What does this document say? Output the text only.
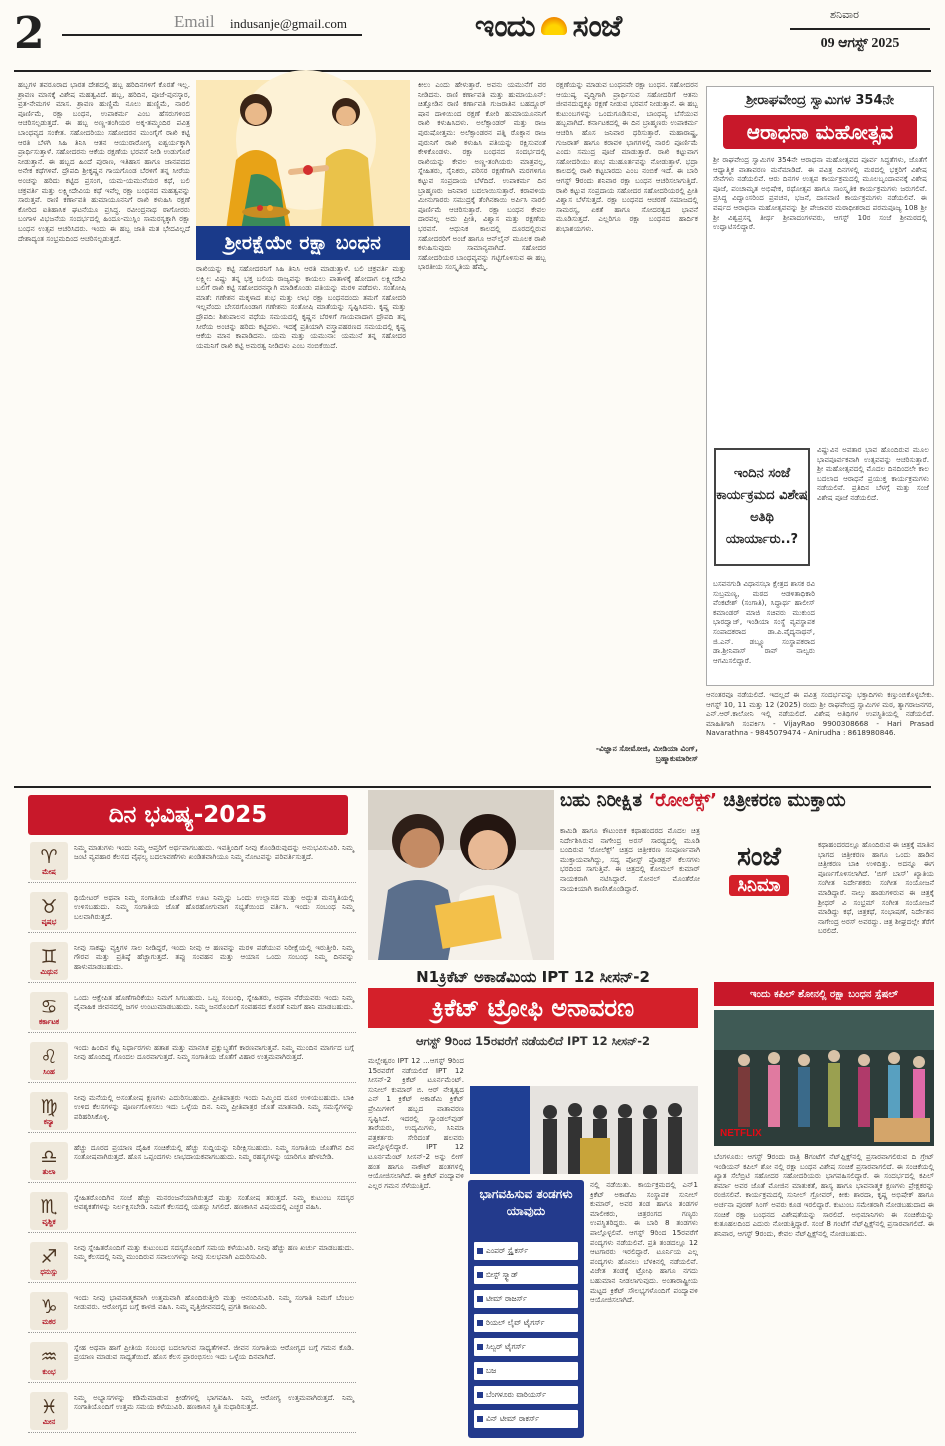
2	Email indusanje@gmail.com	ಇಂದು ಸಂಜೆ	ಶನಿವಾರ
09 ಆಗಸ್ಟ್ 2025
ಹಬ್ಬಗಳ ತವರೂರಾದ ಭಾರತ ದೇಶದಲ್ಲಿ ಹಬ್ಬ ಹರಿದಿನಗಳಿಗೆ ಕೊರತೆ ಇಲ್ಲ. ಶ್ರಾವಣ ಮಾಸಕ್ಕೆ ವಿಶೇಷ ಮಹತ್ವವಿದೆ. ಹಬ್ಬ, ಹರಿದಿನ, ಪೂಜೆ-ಪುನಸ್ಕಾರ, ವ್ರತ-ನೇಮಗಳ ಮಾಸ. ಶ್ರಾವಣ ಹುಣ್ಣಿಮೆ ನೂಲು ಹುಣ್ಣಿಮೆ, ನಾರಲಿ ಪೂರ್ಣಿಮೆ, ರಕ್ಷಾ ಬಂಧನ, ಉಪಾಕರ್ಮ ಎಂಬ ಹೆಸರುಗಳಿಂದ ಆಚರಿಸಲ್ಪಡುತ್ತದೆ. ಈ ಹಬ್ಬ ಅಣ್ಣ-ತಂಗಿಯರ ಅಕ್ಕ-ತಮ್ಮಂದಿರ ಪವಿತ್ರ ಬಾಂಧವ್ಯದ ಸಂಕೇತ. ಸಹೋದರಿಯು ಸಹೋದರನ ಮುಂಗೈಗೆ ರಾಖಿ ಕಟ್ಟಿ ಆರತಿ ಬೆಳಗಿ ಸಿಹಿ ತಿನಿಸಿ ಆತನ ಆಯುರಾರೋಗ್ಯ ಐಶ್ವರ್ಯಕ್ಕಾಗಿ ಪ್ರಾರ್ಥಿಸುತ್ತಾಳೆ. ಸಹೋದರನು ಆಕೆಯ ರಕ್ಷಣೆಯ ಭರವಸೆ ನೀಡಿ ಉಡುಗೊರೆ ನೀಡುತ್ತಾನೆ. ಈ ಹಬ್ಬದ ಹಿಂದೆ ಪುರಾಣ, ಇತಿಹಾಸ ಹಾಗೂ ಜಾನಪದದ ಅನೇಕ ಕಥೆಗಳಿವೆ. ದ್ರೌಪದಿ ಶ್ರೀಕೃಷ್ಣನ ಗಾಯಗೊಂಡ ಬೆರಳಿಗೆ ತನ್ನ ಸೀರೆಯ ಅಂಚನ್ನು ಹರಿದು ಕಟ್ಟಿದ ಪ್ರಸಂಗ, ಯಮ-ಯಮುನೆಯರ ಕಥೆ, ಬಲಿ ಚಕ್ರವರ್ತಿ ಮತ್ತು ಲಕ್ಷ್ಮೀದೇವಿಯ ಕಥೆ ಇವೆಲ್ಲ ರಕ್ಷಾ ಬಂಧನದ ಮಹತ್ವವನ್ನು ಸಾರುತ್ತವೆ. ರಾಣಿ ಕರ್ಣಾವತಿ ಹುಮಾಯೂನನಿಗೆ ರಾಖಿ ಕಳುಹಿಸಿ ರಕ್ಷಣೆ ಕೋರಿದ ಐತಿಹಾಸಿಕ ಘಟನೆಯೂ ಪ್ರಸಿದ್ಧ. ರವೀಂದ್ರನಾಥ ಠಾಗೋರರು ಬಂಗಾಳ ವಿಭಜನೆಯ ಸಂದರ್ಭದಲ್ಲಿ ಹಿಂದೂ-ಮುಸ್ಲಿಂ ಸಾಮರಸ್ಯಕ್ಕಾಗಿ ರಕ್ಷಾ ಬಂಧನ ಉತ್ಸವ ಆಚರಿಸಿದರು. ಇಂದು ಈ ಹಬ್ಬ ಜಾತಿ ಮತ ಭೇದವಿಲ್ಲದೆ ದೇಶಾದ್ಯಂತ ಸಂಭ್ರಮದಿಂದ ಆಚರಿಸಲ್ಪಡುತ್ತದೆ.	ಶ್ರೀರಕ್ಷೆಯೇ ರಕ್ಷಾ ಬಂಧನ
ರಾಖಿಯನ್ನು ಕಟ್ಟಿ ಸಹೋದರನಿಗೆ ಸಿಹಿ ತಿನಿಸಿ ಆರತಿ ಮಾಡುತ್ತಾಳೆ. ಬಲಿ ಚಕ್ರವರ್ತಿ ಮತ್ತು ಲಕ್ಷ್ಮೀ: ವಿಷ್ಣು ತನ್ನ ಭಕ್ತ ಬಲಿಯ ರಾಜ್ಯವನ್ನು ಕಾಯಲು ಪಾತಾಳಕ್ಕೆ ಹೋದಾಗ ಲಕ್ಷ್ಮೀದೇವಿ ಬಲಿಗೆ ರಾಖಿ ಕಟ್ಟಿ ಸಹೋದರನನ್ನಾಗಿ ಮಾಡಿಕೊಂಡು ಪತಿಯನ್ನು ಮರಳಿ ಪಡೆದಳು. ಸಂತೋಷಿ ಮಾತೆ: ಗಣೇಶನ ಮಕ್ಕಳಾದ ಶುಭ ಮತ್ತು ಲಾಭ ರಕ್ಷಾ ಬಂಧನದಂದು ತಮಗೆ ಸಹೋದರಿ ಇಲ್ಲವೆಂದು ಬೇಸರಗೊಂಡಾಗ ಗಣೇಶನು ಸಂತೋಷಿ ಮಾತೆಯನ್ನು ಸೃಷ್ಟಿಸಿದನು. ಕೃಷ್ಣ ಮತ್ತು ದ್ರೌಪದಿ: ಶಿಶುಪಾಲನ ವಧೆಯ ಸಮಯದಲ್ಲಿ ಕೃಷ್ಣನ ಬೆರಳಿಗೆ ಗಾಯವಾದಾಗ ದ್ರೌಪದಿ ತನ್ನ ಸೀರೆಯ ಅಂಚನ್ನು ಹರಿದು ಕಟ್ಟಿದಳು. ಇದಕ್ಕೆ ಪ್ರತಿಯಾಗಿ ವಸ್ತ್ರಾಪಹರಣದ ಸಮಯದಲ್ಲಿ ಕೃಷ್ಣ ಆಕೆಯ ಮಾನ ಕಾಪಾಡಿದನು. ಯಮ ಮತ್ತು ಯಮುನಾ: ಯಮುನೆ ತನ್ನ ಸಹೋದರ ಯಮನಿಗೆ ರಾಖಿ ಕಟ್ಟಿ ಅಮರತ್ವ ನೀಡಿದಳು ಎಂಬ ನಂಬಿಕೆಯಿದೆ.
ಕೀಲು ಎಂದು ಹೇಳುತ್ತಾರೆ. ಅವನು ಯಮುನೆಗೆ ವರ ನೀಡಿದನು. ರಾಣಿ ಕರ್ಣಾವತಿ ಮತ್ತು ಹುಮಾಯೂನ್: ಚಿತ್ತೋಡಿನ ರಾಣಿ ಕರ್ಣಾವತಿ ಗುಜರಾತಿನ ಬಹದ್ದೂರ್ ಷಾನ ದಾಳಿಯಿಂದ ರಕ್ಷಣೆ ಕೋರಿ ಹುಮಾಯೂನನಿಗೆ ರಾಖಿ ಕಳುಹಿಸಿದಳು. ಅಲೆಕ್ಸಾಂಡರ್ ಮತ್ತು ರಾಜ ಪುರುಷೋತ್ತಮ: ಅಲೆಕ್ಸಾಂಡರನ ಪತ್ನಿ ರೊಕ್ಸಾನ ರಾಜ ಪುರುನಿಗೆ ರಾಖಿ ಕಳುಹಿಸಿ ಪತಿಯನ್ನು ರಕ್ಷಿಸುವಂತೆ ಕೇಳಿಕೊಂಡಳು. ರಕ್ಷಾ ಬಂಧನದ ಸಂದರ್ಭದಲ್ಲಿ ರಾಖಿಯನ್ನು ಕೇವಲ ಅಣ್ಣ-ತಂಗಿಯರು ಮಾತ್ರವಲ್ಲ, ಸ್ನೇಹಿತರು, ಸೈನಿಕರು, ಪರಿಸರ ರಕ್ಷಣೆಗಾಗಿ ಮರಗಳಿಗೂ ಕಟ್ಟುವ ಸಂಪ್ರದಾಯ ಬೆಳೆದಿದೆ. ಉಪಾಕರ್ಮ ದಿನ ಬ್ರಾಹ್ಮಣರು ಜನಿವಾರ ಬದಲಾಯಿಸುತ್ತಾರೆ. ಕರಾವಳಿಯ ಮೀನುಗಾರರು ಸಮುದ್ರಕ್ಕೆ ತೆಂಗಿನಕಾಯಿ ಅರ್ಪಿಸಿ ನಾರಲಿ ಪೂರ್ಣಿಮೆ ಆಚರಿಸುತ್ತಾರೆ. ರಕ್ಷಾ ಬಂಧನ ಕೇವಲ ದಾರವಲ್ಲ ಅದು ಪ್ರೀತಿ, ವಿಶ್ವಾಸ ಮತ್ತು ರಕ್ಷಣೆಯ ಭರವಸೆ. ಆಧುನಿಕ ಕಾಲದಲ್ಲಿ ದೂರದಲ್ಲಿರುವ ಸಹೋದರರಿಗೆ ಅಂಚೆ ಹಾಗೂ ಆನ್‌ಲೈನ್ ಮೂಲಕ ರಾಖಿ ಕಳುಹಿಸುವುದು ಸಾಮಾನ್ಯವಾಗಿದೆ. ಸಹೋದರ ಸಹೋದರಿಯರ ಬಾಂಧವ್ಯವನ್ನು ಗಟ್ಟಿಗೊಳಿಸುವ ಈ ಹಬ್ಬ ಭಾರತೀಯ ಸಂಸ್ಕೃತಿಯ ಹೆಮ್ಮೆ.
ರಕ್ಷಣೆಯನ್ನು ಮಾಡುವ ಬಂಧನವೇ ರಕ್ಷಾ ಬಂಧನ. ಸಹೋದರನ ಆಯುಷ್ಯ ವೃದ್ಧಿಗಾಗಿ ಪ್ರಾರ್ಥಿಸುವ ಸಹೋದರಿಗೆ ಆತನು ಜೀವನದುದ್ದಕ್ಕೂ ರಕ್ಷಣೆ ನೀಡುವ ಭರವಸೆ ನೀಡುತ್ತಾನೆ. ಈ ಹಬ್ಬ ಕುಟುಂಬಗಳನ್ನು ಒಂದುಗೂಡಿಸುವ, ಬಾಂಧವ್ಯ ಬೆಸೆಯುವ ಹಬ್ಬವಾಗಿದೆ. ಕರ್ನಾಟಕದಲ್ಲಿ ಈ ದಿನ ಬ್ರಾಹ್ಮಣರು ಉಪಾಕರ್ಮ ಆಚರಿಸಿ ಹೊಸ ಜನಿವಾರ ಧರಿಸುತ್ತಾರೆ. ಮಹಾರಾಷ್ಟ್ರ, ಗುಜರಾತ್ ಹಾಗೂ ಕರಾವಳಿ ಭಾಗಗಳಲ್ಲಿ ನಾರಲಿ ಪೂರ್ಣಿಮೆ ಎಂದು ಸಮುದ್ರ ಪೂಜೆ ಮಾಡುತ್ತಾರೆ. ರಾಖಿ ಕಟ್ಟುವಾಗ ಸಹೋದರಿಯು ಶುಭ ಮುಹೂರ್ತವನ್ನು ನೋಡುತ್ತಾಳೆ. ಭದ್ರಾ ಕಾಲದಲ್ಲಿ ರಾಖಿ ಕಟ್ಟಬಾರದು ಎಂಬ ನಂಬಿಕೆ ಇದೆ. ಈ ಬಾರಿ ಆಗಸ್ಟ್ 9ರಂದು ಶನಿವಾರ ರಕ್ಷಾ ಬಂಧನ ಆಚರಿಸಲಾಗುತ್ತಿದೆ. ರಾಖಿ ಕಟ್ಟುವ ಸಂಪ್ರದಾಯ ಸಹೋದರ ಸಹೋದರಿಯರಲ್ಲಿ ಪ್ರೀತಿ ವಿಶ್ವಾಸ ಬೆಳೆಸುತ್ತದೆ. ರಕ್ಷಾ ಬಂಧನದ ಆಚರಣೆ ಸಮಾಜದಲ್ಲಿ ಸಾಮರಸ್ಯ, ಏಕತೆ ಹಾಗೂ ಸೋದರತ್ವದ ಭಾವನೆ ಮೂಡಿಸುತ್ತದೆ. ಎಲ್ಲರಿಗೂ ರಕ್ಷಾ ಬಂಧನದ ಹಾರ್ದಿಕ ಶುಭಾಶಯಗಳು.
-ವಿಜ್ಞಾನ ಸೋಮೋಜಿ, ಮೀಡಿಯಾ ವಿಂಗ್, ಬ್ರಹ್ಮಾಕುಮಾರೀಸ್
ಶ್ರೀರಾಘವೇಂದ್ರ ಸ್ವಾಮಿಗಳ 354ನೇ
ಆರಾಧನಾ ಮಹೋತ್ಸವ
ಶ್ರೀ ರಾಘವೇಂದ್ರ ಸ್ವಾಮಿಗಳ 354ನೇ ಆರಾಧನಾ ಮಹೋತ್ಸವದ ಪೂರ್ವ ಸಿದ್ಧತೆಗಳು, ಜೊತೆಗೆ ಆಧ್ಯಾತ್ಮಿಕ ವಾತಾವರಣ ಮನೆಮಾಡಿದೆ. ಈ ಪವಿತ್ರ ದಿನಗಳಲ್ಲಿ ಮಠದಲ್ಲಿ ಭಕ್ತರಿಗೆ ವಿಶೇಷ ಸೇವೆಗಳು ನಡೆಯಲಿವೆ. ಆರು ದಿನಗಳ ಉತ್ಸವ ಕಾರ್ಯಕ್ರಮದಲ್ಲಿ ಮೂಲಬೃಂದಾವನಕ್ಕೆ ವಿಶೇಷ ಪೂಜೆ, ಪಂಚಾಮೃತ ಅಭಿಷೇಕ, ರಥೋತ್ಸವ ಹಾಗೂ ಸಾಂಸ್ಕೃತಿಕ ಕಾರ್ಯಕ್ರಮಗಳು ಜರುಗಲಿವೆ. ಪ್ರಸಿದ್ಧ ವಿದ್ವಾಂಸರಿಂದ ಪ್ರವಚನ, ಭಜನೆ, ದಾಸವಾಣಿ ಕಾರ್ಯಕ್ರಮಗಳು ನಡೆಯಲಿವೆ. ಈ ವರ್ಷದ ಆರಾಧನಾ ಮಹೋತ್ಸವವನ್ನು ಶ್ರೀ ಪೇಜಾವರ ಮಠಾಧೀಶರಾದ ಪರಮಪೂಜ್ಯ 108 ಶ್ರೀ ಶ್ರೀ ವಿಶ್ವಪ್ರಸನ್ನ ತೀರ್ಥ ಶ್ರೀಪಾದಂಗಳವರು, ಆಗಸ್ಟ್ 10ರ ಸಂಜೆ ಶ್ರೀಮಠದಲ್ಲಿ ಉದ್ಘಾಟಿಸಲಿದ್ದಾರೆ.
ವಿಷ್ಣುವಿನ ಅವತಾರ ಭಾವ ಹೊಂದಿರುವ ಮೂಲ ಭಾವಪೂರ್ವಕವಾಗಿ ಉತ್ಸವವನ್ನು ಆಚರಿಸುತ್ತಾರೆ. ಶ್ರೀ ಮಹೋತ್ಸವದಲ್ಲಿ ಮೊದಲ ದಿನದಿಂದಲೇ ಕಾಲ ಬದಲಾದ ಆರಾಧನೆ ಪ್ರಯುಕ್ತ ಕಾರ್ಯಕ್ರಮಗಳು ನಡೆಯಲಿವೆ. ಪ್ರತಿದಿನ ಬೆಳಗ್ಗೆ ಮತ್ತು ಸಂಜೆ ವಿಶೇಷ ಪೂಜೆ ನಡೆಯಲಿದೆ.
ಬಸವನಗುಡಿ ವಿಧಾನಸಭಾ ಕ್ಷೇತ್ರದ ಶಾಸಕ ರವಿ ಸುಬ್ರಮಣ್ಯ, ಮಠದ ಆಡಳಿತಾಧಿಕಾರಿ ವೆಂಕಟೇಶ್ (ಸಂಗಾತಿ), ಸಿದ್ಧಾರ್ಥ ಹಾಲೀಸ್ ಕಮಾಂಡರ್ ಮಾಜಿ ಸಚಿವರು ಮುಕುಂದ ಭಾರದ್ವಾಜ್, ಇಂಡಿಯಾ ಸಂಸ್ಥೆ ವ್ಯವಸ್ಥಾಪಕ ಸಂಪಾದಕರಾದ ಡಾ.ಪಿ.ವೈದ್ಯನಾಥನ್, ಜಿ.ಎನ್. ಡಬ್ಲ್ಯೂ ಸಂಸ್ಥಾಪಕರಾದ ಡಾ.ಶ್ರೀನಿವಾಸ್ ರಾವ್ ನಾಲ್ವರು ಆಗಮಿಸಲಿದ್ದಾರೆ.
ಇಂದಿನ ಸಂಜೆ ಕಾರ್ಯಕ್ರಮದ ವಿಶೇಷ ಅತಿಥಿ ಯಾರ್ಯಾರು..?
ಆನಂತರವೂ ನಡೆಯಲಿದೆ. ಇದಲ್ಲದೆ ಈ ಪವಿತ್ರ ಸಂದರ್ಭವನ್ನು ಭಕ್ತಾದಿಗಳು ಕಣ್ತುಂಬಿಕೊಳ್ಳಬೇಕು. ಆಗಸ್ಟ್ 10, 11 ಮತ್ತು 12 (2025) ರಂದು ಶ್ರೀ ರಾಘವೇಂದ್ರ ಸ್ವಾಮಿಗಳ ಮಠ, ತ್ಯಾಗರಾಜನಗರ, ಎನ್.ಆರ್.ಕಾಲೋನಿ ಇಲ್ಲಿ ನಡೆಯಲಿದೆ. ವಿಶೇಷ ಅತಿಥಿಗಳ ಉಪಸ್ಥಿತಿಯಲ್ಲಿ ನಡೆಯಲಿದೆ. ಮಾಹಿತಿಗಾಗಿ ಸಂಪರ್ಕಿಸಿ - VijayRao 9900308668 - Hari Prasad Navarathna - 9845079474 - Anirudha : 8618980846.
ದಿನ ಭವಿಷ್ಯ-2025
♈
ಮೇಷ
ನಿಮ್ಮ ಮಾತುಗಳು ಇಂದು ನಿಮ್ಮ ಆಪ್ತರಿಗೆ ಅರ್ಥವಾಗಬಹುದು. ಇವತ್ತಿಂದಿಗೆ ನೀವು ಕೊಂಡಿರುವುದನ್ನು ಅನುಭವಿಸುವಿರಿ. ನಿಮ್ಮ ಜಂಟಿ ವ್ಯವಹಾರ ಕೆಲಸದ ವೈಫಲ್ಯ ಬದಲಾವಣೆಗಳು ಖಂಡಿತವಾಗಿಯೂ ನಿಮ್ಮ ನೋಟವನ್ನು ಪರಿವರ್ತಿಸುತ್ತದೆ.
♉
ವೃಷಭ
ಥಿಯೇಟರ್ ಅಥವಾ ನಿಮ್ಮ ಸಂಗಾತಿಯ ಜೊತೆಗಿನ ಊಟ ನಿಮ್ಮನ್ನು ಒಂದು ಉಲ್ಲಾಸದ ಮತ್ತು ಅದ್ಭುತ ಮನಸ್ಥಿತಿಯಲ್ಲಿ ಉಳಿಸಬಹುದು. ನಿಮ್ಮ ಸಂಗಾತಿಯ ಜೊತೆ ಹೊರಹೋಗುವಾಗ ಸಭ್ಯತೆಯಿಂದ ವರ್ತಿಸಿ. ಇಂದು ಸಂಬಂಧ ನಿಮ್ಮ ಬಲವಾಗಿರುತ್ತದೆ.
♊
ಮಿಥುನ
ನೀವು ಸಾಕಷ್ಟು ವ್ಯಕ್ತಿಗಳ ಸಾಲ ನೀಡಿದ್ದರೆ, ಇಂದು ನೀವು ಆ ಹಣವನ್ನು ಮರಳಿ ಪಡೆಯುವ ನಿರೀಕ್ಷೆಯಲ್ಲಿ ಇರುತ್ತೀರಿ. ನಿಮ್ಮ ಗೌರವ ಮತ್ತು ಪ್ರತಿಷ್ಠೆ ಹೆಚ್ಚಾಗುತ್ತದೆ. ತಪ್ಪು ಸಂವಹನ ಮತ್ತು ಆಯಾಸ ಒಂದು ಸಂಬಂಧ ನಿಮ್ಮ ದಿನವನ್ನು ಹಾಳುಮಾಡಬಹುದು.
♋
ಕರ್ಕಾಟಕ
ಒಂದು ಆಕ್ಷೇಪಿತ ಹೊಣೆಗಾರಿಕೆಯು ನಿಮಗೆ ಸಿಗಬಹುದು. ಒಬ್ಬ ಸಂಬಂಧಿ, ಸ್ನೇಹಿತರು, ಅಥವಾ ನೆರೆಯವರು ಇಂದು ನಿಮ್ಮ ವೈವಾಹಿಕ ಜೀವನದಲ್ಲಿ ಜಗಳ ಉಂಟುಮಾಡಬಹುದು. ನಿಮ್ಮ ಜನರೊಂದಿಗೆ ಸಂವಹನದ ಕೊರತೆ ನಿಮಗೆ ಹಾನಿ ಮಾಡಬಹುದು.
♌
ಸಿಂಹ
ಇಂದು ಹಿಂದಿನ ಕೆಟ್ಟ ನಿರ್ಧಾರಗಳು ಹತಾಶ ಮತ್ತು ಮಾನಸಿಕ ಪ್ರಕ್ಷುಬ್ಧತೆಗೆ ಕಾರಣವಾಗುತ್ತವೆ. ನಿಮ್ಮ ಮುಂದಿನ ಮಾರ್ಗದ ಬಗ್ಗೆ ನೀವು ಹೊಂದಿದ್ದ ಗೊಂದಲ ದೂರವಾಗುತ್ತದೆ. ನಿಮ್ಮ ಸಂಗಾತಿಯ ಜೊತೆಗೆ ವಿಹಾರ ಉತ್ತಮವಾಗಿರುತ್ತದೆ.
♍
ಕನ್ಯಾ
ನೀವು ಮನೆಯಲ್ಲಿ ಅಸಂತೋಷ ಕ್ಷಣಗಳು ಎದುರಿಸಬಹುದು. ಪ್ರೀತಿಪಾತ್ರರು ಇಂದು ನಿಮ್ಮಿಂದ ದೂರ ಉಳಿಯಬಹುದು. ಬಾಕಿ ಉಳಿದ ಕೆಲಸಗಳನ್ನು ಪೂರ್ಣಗೊಳಿಸಲು ಇದು ಒಳ್ಳೆಯ ದಿನ. ನಿಮ್ಮ ಪ್ರೀತಿಪಾತ್ರರ ಜೊತೆ ಮಾತನಾಡಿ. ನಿಮ್ಮ ಸಮಸ್ಯೆಗಳನ್ನು ಪರಿಹರಿಸಿಕೊಳ್ಳಿ.
♎
ತುಲಾ
ಹೆಚ್ಚು ದೂರದ ಪ್ರಯಾಣ ದೈಹಿಕ ಸಂಚಿಕೆಯಲ್ಲಿ ಹೆಚ್ಚು ಸುದ್ದಿಯನ್ನು ನಿರೀಕ್ಷಿಸಬಹುದು. ನಿಮ್ಮ ಸಂಗಾತಿಯ ಜೊತೆಗಿನ ದಿನ ಸಂತೋಷವಾಗಿರುತ್ತದೆ. ಹೊಸ ಒಪ್ಪಂದಗಳು ಲಾಭದಾಯಕವಾಗಬಹುದು. ನಿಮ್ಮ ರಹಸ್ಯಗಳನ್ನು ಯಾರಿಗೂ ಹೇಳಬೇಡಿ.
♏
ವೃಶ್ಚಿಕ
ಸ್ನೇಹಿತರೊಂದಿಗಿನ ಸಂಜೆ ಹೆಚ್ಚು ಮನರಂಜನೆಯಾಗಿರುತ್ತದೆ ಮತ್ತು ಸಂತೋಷ ತರುತ್ತದೆ. ನಿಮ್ಮ ಕುಟುಂಬ ಸದಸ್ಯರ ಅವಶ್ಯಕತೆಗಳನ್ನು ನಿರ್ಲಕ್ಷಿಸಬೇಡಿ. ನಿಮಗೆ ಕೆಲಸದಲ್ಲಿ ಯಶಸ್ಸು ಸಿಗಲಿದೆ. ಹಣಕಾಸಿನ ವಿಷಯದಲ್ಲಿ ಎಚ್ಚರ ವಹಿಸಿ.
♐
ಧನುಸ್ಸು
ನೀವು ಸ್ನೇಹಿತರೊಂದಿಗೆ ಮತ್ತು ಕುಟುಂಬದ ಸದಸ್ಯರೊಂದಿಗೆ ಸಮಯ ಕಳೆಯುವಿರಿ. ನೀವು ಹೆಚ್ಚು ಹಣ ಖರ್ಚು ಮಾಡಬಹುದು. ನಿಮ್ಮ ಕೆಲಸದಲ್ಲಿ ನಿಮ್ಮ ಮುಂದಿರುವ ಸವಾಲುಗಳನ್ನು ನೀವು ಸುಲಭವಾಗಿ ಎದುರಿಸುವಿರಿ.
♑
ಮಕರ
ಇಂದು ನೀವು ಭಾವನಾತ್ಮಕವಾಗಿ ಉತ್ತಮವಾಗಿ ಹೊಂದಿರುತ್ತೀರಿ ಮತ್ತು ಆನಂದಿಸುವಿರಿ. ನಿಮ್ಮ ಸಂಗಾತಿ ನಿಮಗೆ ಬೆಂಬಲ ನೀಡುವರು. ಆರೋಗ್ಯದ ಬಗ್ಗೆ ಕಾಳಜಿ ವಹಿಸಿ. ನಿಮ್ಮ ವೃತ್ತಿಜೀವನದಲ್ಲಿ ಪ್ರಗತಿ ಕಾಣುವಿರಿ.
♒
ಕುಂಭ
ಸ್ನೇಹ ಅಥವಾ ಹಾಗೆ ಪ್ರೀತಿಯ ಸಂಬಂಧ ಬದಲಾಗುವ ಸಾಧ್ಯತೆಗಳಿವೆ. ಜೀವನ ಸಂಗಾತಿಯ ಆರೋಗ್ಯದ ಬಗ್ಗೆ ಗಮನ ಕೊಡಿ. ಪ್ರಯಾಣ ಮಾಡುವ ಸಾಧ್ಯತೆಯಿದೆ. ಹೊಸ ಕೆಲಸ ಪ್ರಾರಂಭಿಸಲು ಇದು ಒಳ್ಳೆಯ ದಿನವಾಗಿದೆ.
♓
ಮೀನ
ನಿಮ್ಮ ಅಭ್ಯಾಸಗಳನ್ನು ಕಡಿಮೆಮಾಡುವ ಕ್ರೀಡೆಗಳಲ್ಲಿ ಭಾಗವಹಿಸಿ. ನಿಮ್ಮ ಆರೋಗ್ಯ ಉತ್ತಮವಾಗಿರುತ್ತದೆ. ನಿಮ್ಮ ಸಂಗಾತಿಯೊಂದಿಗೆ ಉತ್ತಮ ಸಮಯ ಕಳೆಯುವಿರಿ. ಹಣಕಾಸಿನ ಸ್ಥಿತಿ ಸುಧಾರಿಸುತ್ತದೆ.
ಬಹು ನಿರೀಕ್ಷಿತ ‘ರೋಲೆಕ್ಸ್’ ಚಿತ್ರೀಕರಣ ಮುಕ್ತಾಯ
ಕಾಮಿಡಿ ಹಾಗೂ ಕೌಟುಂಬಿಕ ಕಥಾಹಂದರದ ಮೊದಲ ಚಿತ್ರ ನಿರ್ದೇಶಿಸಿರುವ ನಾಗೇಂದ್ರ ಅರಸ್ ಸಾರಥ್ಯದಲ್ಲಿ ಮೂಡಿ ಬಂದಿರುವ ‘ರೋಲೆಕ್ಸ್’ ಚಿತ್ರದ ಚಿತ್ರೀಕರಣ ಸಂಪೂರ್ಣವಾಗಿ ಮುಕ್ತಾಯವಾಗಿದ್ದು, ಸದ್ಯ ಪೋಸ್ಟ್ ಪ್ರೊಡಕ್ಷನ್ ಕೆಲಸಗಳು ಭರದಿಂದ ಸಾಗುತ್ತಿವೆ. ಈ ಚಿತ್ರದಲ್ಲಿ ಕೋಮಲ್ ಕುಮಾರ್ ನಾಯಕರಾಗಿ ನಟಿಸಿದ್ದಾರೆ. ಸೋನಲ್ ಮೊಂತೆರೋ ನಾಯಕಿಯಾಗಿ ಕಾಣಿಸಿಕೊಂಡಿದ್ದಾರೆ.
ಸಂಜೆ
ಸಿನಿಮಾ
ಕಥಾಹಂದರದಲ್ಲೂ ಹೊಂದಿರುವ ಈ ಚಿತ್ರಕ್ಕೆ ಮಾತಿನ ಭಾಗದ ಚಿತ್ರೀಕರಣ ಹಾಗೂ ಒಂದು ಹಾಡಿನ ಚಿತ್ರೀಕರಣ ಬಾಕಿ ಉಳಿದಿತ್ತು. ಅದನ್ನೂ ಈಗ ಪೂರ್ಣಗೊಳಿಸಲಾಗಿದೆ. ‘ಬಿಗ್ ಬಾಸ್’ ಖ್ಯಾತಿಯ ಸಂಗೀತ ನಿರ್ದೇಶಕರು ಸಂಗೀತ ಸಂಯೋಜನೆ ಮಾಡಿದ್ದಾರೆ. ನಾಲ್ಕು ಹಾಡುಗಳಿರುವ ಈ ಚಿತ್ರಕ್ಕೆ ಶ್ರೀಧರ್ ವಿ ಸಂಭ್ರಮ್ ಸಂಗೀತ ಸಂಯೋಜನೆ ಮಾಡಿದ್ದು ಕಥೆ, ಚಿತ್ರಕಥೆ, ಸಂಭಾಷಣೆ, ನಿರ್ದೇಶನ ನಾಗೇಂದ್ರ ಅರಸ್ ಅವರದ್ದು. ಚಿತ್ರ ಶೀಘ್ರದಲ್ಲೇ ತೆರೆಗೆ ಬರಲಿದೆ.
N1ಕ್ರಿಕೆಟ್ ಅಕಾಡೆಮಿಯ IPT 12 ಸೀಸನ್-2
ಕ್ರಿಕೆಟ್ ಟ್ರೋಫಿ ಅನಾವರಣ
ಆಗಸ್ಟ್ 9ರಿಂದ 15ರವರೆಗೆ ನಡೆಯಲಿದೆ IPT 12 ಸೀಸನ್-2
ಮಲ್ಲೇಶ್ವರಂ IPT 12 ...ಆಗಸ್ಟ್ 9ರಿಂದ 15ರವರೆಗೆ ನಡೆಯಲಿದೆ IPT 12 ಸೀಸನ್-2 ಕ್ರಿಕೆಟ್ ಟೂರ್ನಮೆಂಟ್. ಸುನೀಲ್ ಕುಮಾರ್ ಬಿ. ಆರ್ ನೇತೃತ್ವದ ಎನ್ 1 ಕ್ರಿಕೆಟ್ ಅಕಾಡೆಮಿ ಕ್ರಿಕೆಟ್ ಪ್ರೇಮಿಗಳಿಗೆ ಹಬ್ಬದ ವಾತಾವರಣ ಸೃಷ್ಟಿಸಿದೆ. ಇದರಲ್ಲಿ ಸ್ಯಾಂಡಲ್‌ವುಡ್ ತಾರೆಯರು, ಉದ್ಯಮಿಗಳು, ಸಿನಿಮಾ ಪತ್ರಕರ್ತರು ಸೇರಿದಂತೆ ಹಲವರು ಪಾಲ್ಗೊಳ್ಳಲಿದ್ದಾರೆ. IPT 12 ಟೂರ್ನಮೆಂಟ್ ಸೀಸನ್-2 ಅನ್ನು ಲೀಗ್ ಹಂತ ಹಾಗೂ ನಾಕೌಟ್ ಹಂತಗಳಲ್ಲಿ ಆಯೋಜಿಸಲಾಗಿದೆ. ಈ ಕ್ರಿಕೆಟ್ ಪಂದ್ಯಾವಳಿ ಎಲ್ಲರ ಗಮನ ಸೆಳೆಯುತ್ತಿದೆ.
ಭಾಗವಹಿಸುವ ತಂಡಗಳು ಯಾವುದು
ಎಂಪರ್ ಸ್ಟ್ರೈಕರ್ಸ್
ಬೀಸ್ಟ್ ಸ್ಕ್ವಾಡ್
ಟೀಮ್ ರಾಜರ್ಸ್
ರಿಯಲ್ ಲೈವ್ ಟೈಗರ್ಸ್
ಸಿಲ್ವರ್ ಟೈಗರ್ಸ್
ಬಜ
ಬೆಂಗಳೂರು ವಾರಿಯರ್ಸ್
ವಿನ್ ಟೀಮ್ ರಾಕರ್ಸ್
ನಲ್ಲಿ ನಡೆಯಿತು. ಕಾರ್ಯಕ್ರಮದಲ್ಲಿ ಎನ್1 ಕ್ರಿಕೆಟ್ ಅಕಾಡೆಮಿ ಸಂಸ್ಥಾಪಕ ಸುನೀಲ್ ಕುಮಾರ್, ಅವರ ತಂಡ ಹಾಗೂ ತಂಡಗಳ ಮಾಲೀಕರು, ಚಿತ್ರರಂಗದ ಗಣ್ಯರು ಉಪಸ್ಥಿತರಿದ್ದರು. ಈ ಬಾರಿ 8 ತಂಡಗಳು ಪಾಲ್ಗೊಳ್ಳಲಿವೆ. ಆಗಸ್ಟ್ 9ರಿಂದ 15ರವರೆಗೆ ಪಂದ್ಯಗಳು ನಡೆಯಲಿವೆ. ಪ್ರತಿ ತಂಡದಲ್ಲೂ 12 ಆಟಗಾರರು ಇರಲಿದ್ದಾರೆ. ಟೂರ್ನಿಯ ಎಲ್ಲ ಪಂದ್ಯಗಳು ಹೊನಲು ಬೆಳಕಿನಲ್ಲಿ ನಡೆಯಲಿವೆ. ವಿಜೇತ ತಂಡಕ್ಕೆ ಟ್ರೋಫಿ ಹಾಗೂ ನಗದು ಬಹುಮಾನ ನೀಡಲಾಗುವುದು. ಅಂತಾರಾಷ್ಟ್ರೀಯ ಮಟ್ಟದ ಕ್ರಿಕೆಟ್ ಸೌಲಭ್ಯಗಳೊಂದಿಗೆ ಪಂದ್ಯಾವಳಿ ಆಯೋಜಿಸಲಾಗಿದೆ.
ಇಂದು ಕಪಿಲ್ ಶೋನಲ್ಲಿ ರಕ್ಷಾ ಬಂಧನ ಸ್ಪೆಷಲ್
NETFLIX
ಬೆಂಗಳೂರು: ಆಗಸ್ಟ್ 9ರಂದು ರಾತ್ರಿ 8ಗಂಟೆಗೆ ನೆಟ್‌ಫ್ಲಿಕ್ಸ್‌ನಲ್ಲಿ ಪ್ರಸಾರವಾಗಲಿರುವ ದಿ ಗ್ರೇಟ್ ಇಂಡಿಯನ್ ಕಪಿಲ್ ಶೋ ನಲ್ಲಿ ರಕ್ಷಾ ಬಂಧನ ವಿಶೇಷ ಸಂಚಿಕೆ ಪ್ರಸಾರವಾಗಲಿದೆ. ಈ ಸಂಚಿಕೆಯಲ್ಲಿ ಖ್ಯಾತ ಸೆಲೆಬ್ರಿಟಿ ಸಹೋದರ ಸಹೋದರಿಯರು ಭಾಗವಹಿಸಲಿದ್ದಾರೆ. ಈ ಸಂದರ್ಭದಲ್ಲಿ ಕಪಿಲ್ ಶರ್ಮಾ ಅವರ ಜೊತೆ ಮೋಜಿನ ಮಾತುಕತೆ, ಹಾಸ್ಯ ಹಾಗೂ ಭಾವನಾತ್ಮಕ ಕ್ಷಣಗಳು ಪ್ರೇಕ್ಷಕರನ್ನು ರಂಜಿಸಲಿವೆ. ಕಾರ್ಯಕ್ರಮದಲ್ಲಿ ಸುನೀಲ್ ಗ್ರೋವರ್, ಕೀಕು ಶಾರದಾ, ಕೃಷ್ಣ ಅಭಿಷೇಕ್ ಹಾಗೂ ಅರ್ಚನಾ ಪುರಣ್ ಸಿಂಗ್ ಅವರು ಕೂಡ ಇರಲಿದ್ದಾರೆ. ಕುಟುಂಬ ಸಮೇತರಾಗಿ ನೋಡಬಹುದಾದ ಈ ಸಂಚಿಕೆ ರಕ್ಷಾ ಬಂಧನದ ವಿಶೇಷತೆಯನ್ನು ಸಾರಲಿದೆ. ಅಭಿಮಾನಿಗಳು ಈ ಸಂಚಿಕೆಯನ್ನು ಕುತೂಹಲದಿಂದ ಎದುರು ನೋಡುತ್ತಿದ್ದಾರೆ. ಸಂಜೆ 8 ಗಂಟೆಗೆ ನೆಟ್‌ಫ್ಲಿಕ್ಸ್‌ನಲ್ಲಿ ಪ್ರಸಾರವಾಗಲಿದೆ. ಈ ಶನಿವಾರ, ಆಗಸ್ಟ್ 9ರಂದು, ಕೇವಲ ನೆಟ್‌ಫ್ಲಿಕ್ಸ್‌ನಲ್ಲಿ ನೋಡಬಹುದು.
